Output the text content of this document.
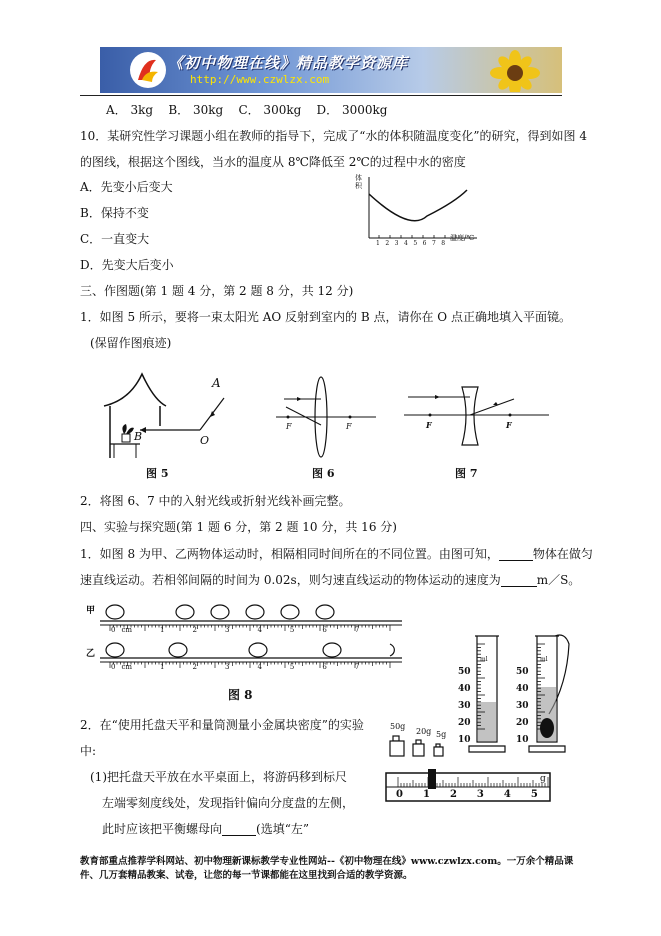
《初中物理在线》精品教学资源库
http://www.czwlzx.com
A． 3kg    B． 30kg    C． 300kg    D． 3000kg
10．某研究性学习课题小组在教师的指导下，完成了“水的体积随温度变化”的研究，得到如图 4
的图线，根据这个图线，当水的温度从 8℃降低至 2℃的过程中水的密度
A．先变小后变大
B．保持不变
C．一直变大
D．先变大后变小
体积
温度/℃
1 2 3 4 5 6 7 8
三、作图题(第 1 题 4 分，第 2 题 8 分，共 12 分)
1．如图 5 所示，要将一束太阳光 AO 反射到室内的 B 点，请你在 O 点正确地填入平面镜。
(保留作图痕迹)
A
B	O
图 5
F	F
图 6
F	F
图 7
2．将图 6、7 中的入射光线或折射光线补画完整。
四、实验与探究题(第 1 题 6 分，第 2 题 10 分，共 16 分)
1．如图 8 为甲、乙两物体运动时，相隔相同时间所在的不同位置。由图可知，	物体在做匀
速直线运动。若相邻间隔的时间为 0.02s，则匀速直线运动的物体运动的速度为	m／S。
甲
乙
0 cm	1	2	3	4	5	6	7
0 cm	1	2	3	4	5	6	7
图 8
2．在“使用托盘天平和量筒测量小金属块密度”的实验
中:
(1)把托盘天平放在水平桌面上，将游码移到标尺
左端零刻度线处，发现指针偏向分度盘的左侧，
此时应该把平衡螺母向	(选填“左”
ml	ml
50
40
30
20
10
50
40
30
20
10
50g
20g 5g
0 1 2 3 4 5
g
教育部重点推荐学科网站、初中物理新课标教学专业性网站--《初中物理在线》www.czwlzx.com。一万余个精品课件、几万套精品教案、试卷，让您的每一节课都能在这里找到合适的教学资源。
